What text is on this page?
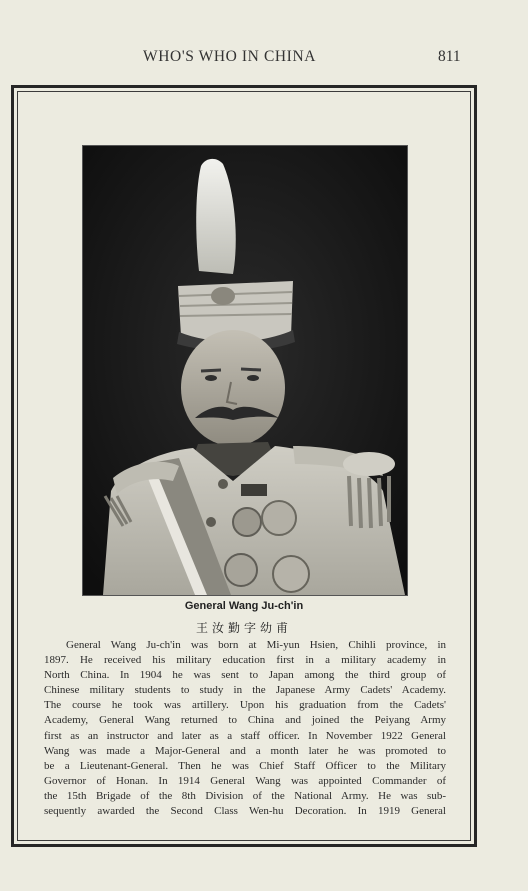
WHO'S WHO IN CHINA	811
General Wang Ju-ch'in
王汝勤字幼甫
General Wang Ju-ch'in was born at Mi-yun Hsien, Chihli province, in
1897. He received his military education first in a military academy in
North China. In 1904 he was sent to Japan among the third group of
Chinese military students to study in the Japanese Army Cadets' Academy.
The course he took was artillery. Upon his graduation from the Cadets'
Academy, General Wang returned to China and joined the Peiyang Army
first as an instructor and later as a staff officer. In November 1922 General
Wang was made a Major-General and a month later he was promoted to
be a Lieutenant-General. Then he was Chief Staff Officer to the Military
Governor of Honan. In 1914 General Wang was appointed Commander of
the 15th Brigade of the 8th Division of the National Army. He was sub-
sequently awarded the Second Class Wen-hu Decoration. In 1919 General
